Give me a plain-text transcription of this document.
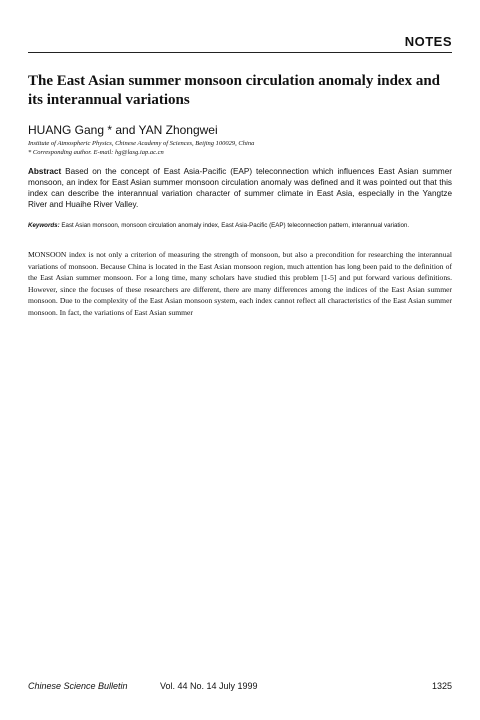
NOTES
The East Asian summer monsoon circulation anomaly index and its interannual variations
HUANG Gang * and YAN Zhongwei
Institute of Atmospheric Physics, Chinese Academy of Sciences, Beijing 100029, China
* Corresponding author. E-mail: hg@lasg.iap.ac.cn
Abstract Based on the concept of East Asia-Pacific (EAP) teleconnection which influences East Asian summer monsoon, an index for East Asian summer monsoon circulation anomaly was defined and it was pointed out that this index can describe the interannual variation character of summer climate in East Asia, especially in the Yangtze River and Huaihe River Valley.
Keywords: East Asian monsoon, monsoon circulation anomaly index, East Asia-Pacific (EAP) teleconnection pattern, interannual variation.
MONSOON index is not only a criterion of measuring the strength of monsoon, but also a precondition for researching the interannual variations of monsoon. Because China is located in the East Asian monsoon region, much attention has long been paid to the definition of the East Asian summer monsoon. For a long time, many scholars have studied this problem [1-5] and put forward various definitions. However, since the focuses of these researchers are different, there are many differences among the indices of the East Asian summer monsoon. Due to the complexity of the East Asian monsoon system, each index cannot reflect all characteristics of the East Asian summer monsoon. In fact, the variations of East Asian summer
Chinese Science Bulletin	Vol. 44 No. 14 July 1999	1325
